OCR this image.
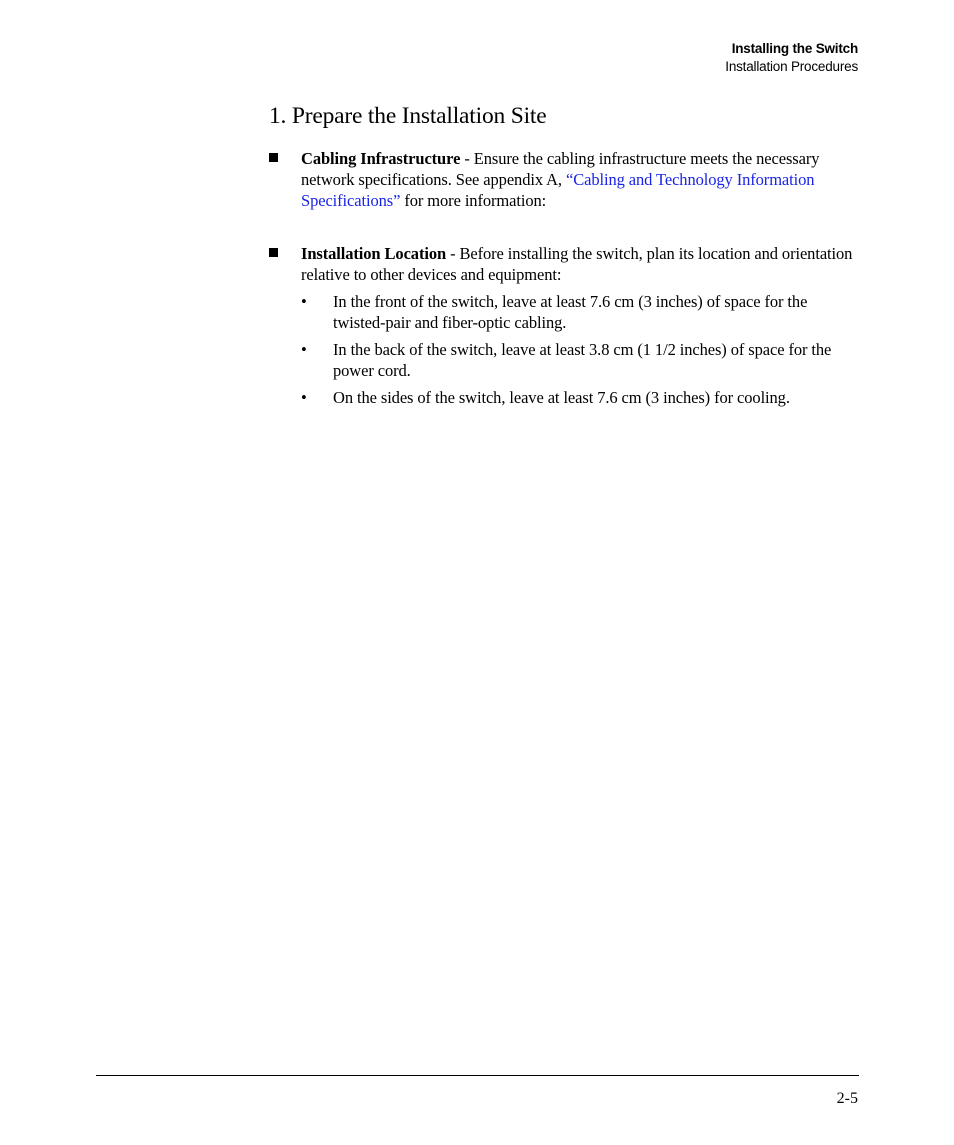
Installing the Switch
Installation Procedures
1. Prepare the Installation Site
Cabling Infrastructure - Ensure the cabling infrastructure meets the necessary network specifications. See appendix A, “Cabling and Technology Information Specifications” for more information:
Installation Location - Before installing the switch, plan its location and orientation relative to other devices and equipment:
• In the front of the switch, leave at least 7.6 cm (3 inches) of space for the twisted-pair and fiber-optic cabling.
• In the back of the switch, leave at least 3.8 cm (1 1/2 inches) of space for the power cord.
• On the sides of the switch, leave at least 7.6 cm (3 inches) for cooling.
2-5
